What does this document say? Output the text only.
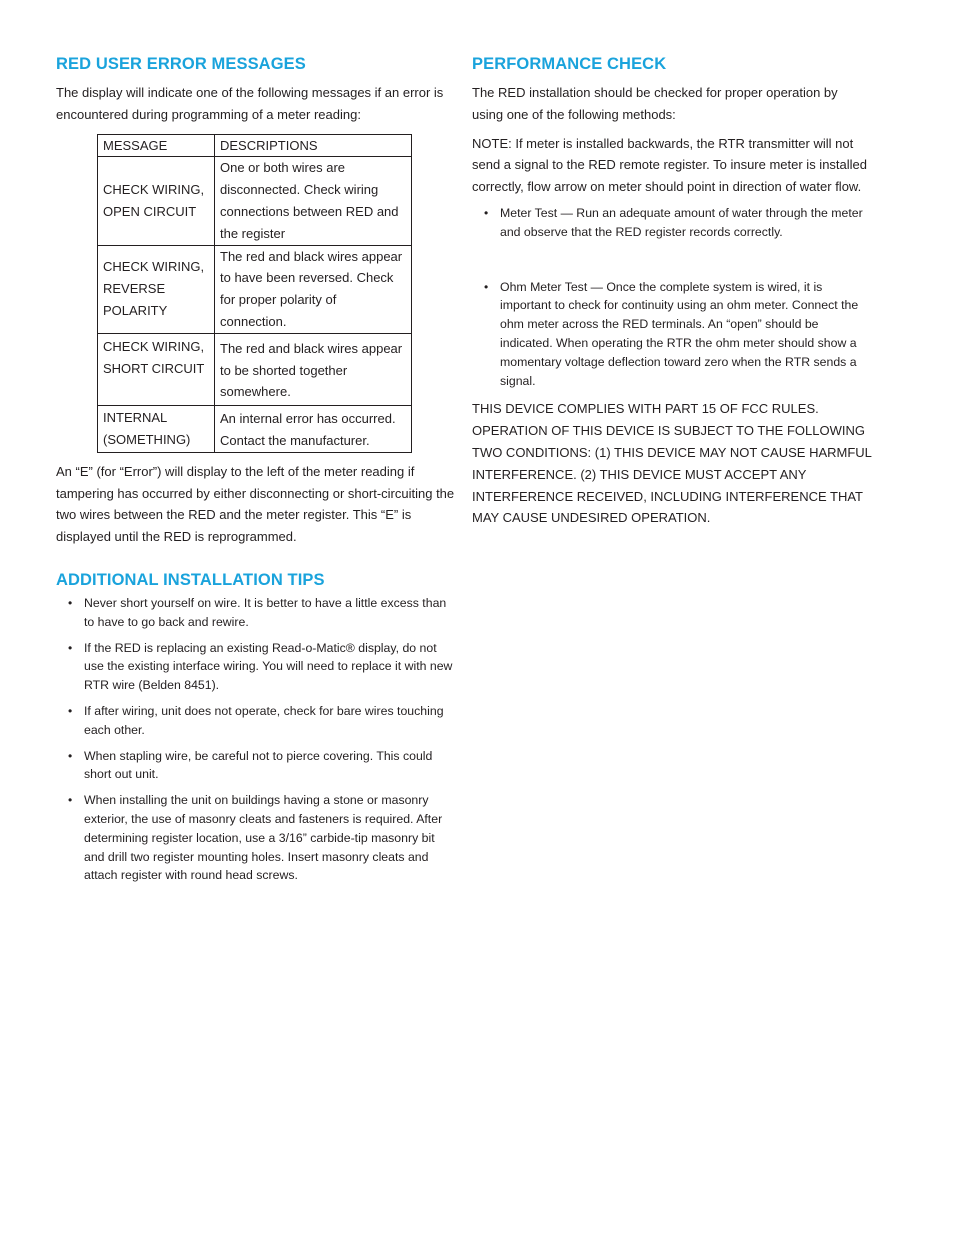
RED USER ERROR MESSAGES

The display will indicate one of the following messages if an error is encountered during programming of a meter reading:

MESSAGE	DESCRIPTIONS
CHECK WIRING, OPEN CIRCUIT	One or both wires are disconnected. Check wiring connections between RED and the register
CHECK WIRING, REVERSE POLARITY	The red and black wires appear to have been reversed. Check for proper polarity of connection.
CHECK WIRING, SHORT CIRCUIT	The red and black wires appear to be shorted together somewhere.
INTERNAL (SOMETHING)	An internal error has occurred. Contact the manufacturer.

An “E” (for “Error”) will display to the left of the meter reading if tampering has occurred by either disconnecting or short-circuiting the two wires between the RED and the meter register. This “E” is displayed until the RED is reprogrammed.

ADDITIONAL INSTALLATION TIPS
• Never short yourself on wire. It is better to have a little excess than to have to go back and rewire.
• If the RED is replacing an existing Read-o-Matic® display, do not use the existing interface wiring. You will need to replace it with new RTR wire (Belden 8451).
• If after wiring, unit does not operate, check for bare wires touching each other.
• When stapling wire, be careful not to pierce covering. This could short out unit.
• When installing the unit on buildings having a stone or masonry exterior, the use of masonry cleats and fasteners is required. After determining register location, use a 3/16” carbide-tip masonry bit and drill two register mounting holes. Insert masonry cleats and attach register with round head screws.
PERFORMANCE CHECK

The RED installation should be checked for proper operation by using one of the following methods:

NOTE: If meter is installed backwards, the RTR transmitter will not send a signal to the RED remote register. To insure meter is installed correctly, flow arrow on meter should point in direction of water flow.

• Meter Test — Run an adequate amount of water through the meter and observe that the RED register records correctly.
• Ohm Meter Test — Once the complete system is wired, it is important to check for continuity using an ohm meter. Connect the ohm meter across the RED terminals. An “open” should be indicated. When operating the RTR the ohm meter should show a momentary voltage deflection toward zero when the RTR sends a signal.

THIS DEVICE COMPLIES WITH PART 15 OF FCC RULES. OPERATION OF THIS DEVICE IS SUBJECT TO THE FOLLOWING TWO CONDITIONS: (1) THIS DEVICE MAY NOT CAUSE HARMFUL INTERFERENCE. (2) THIS DEVICE MUST ACCEPT ANY INTERFERENCE RECEIVED, INCLUDING INTERFERENCE THAT MAY CAUSE UNDESIRED OPERATION.
